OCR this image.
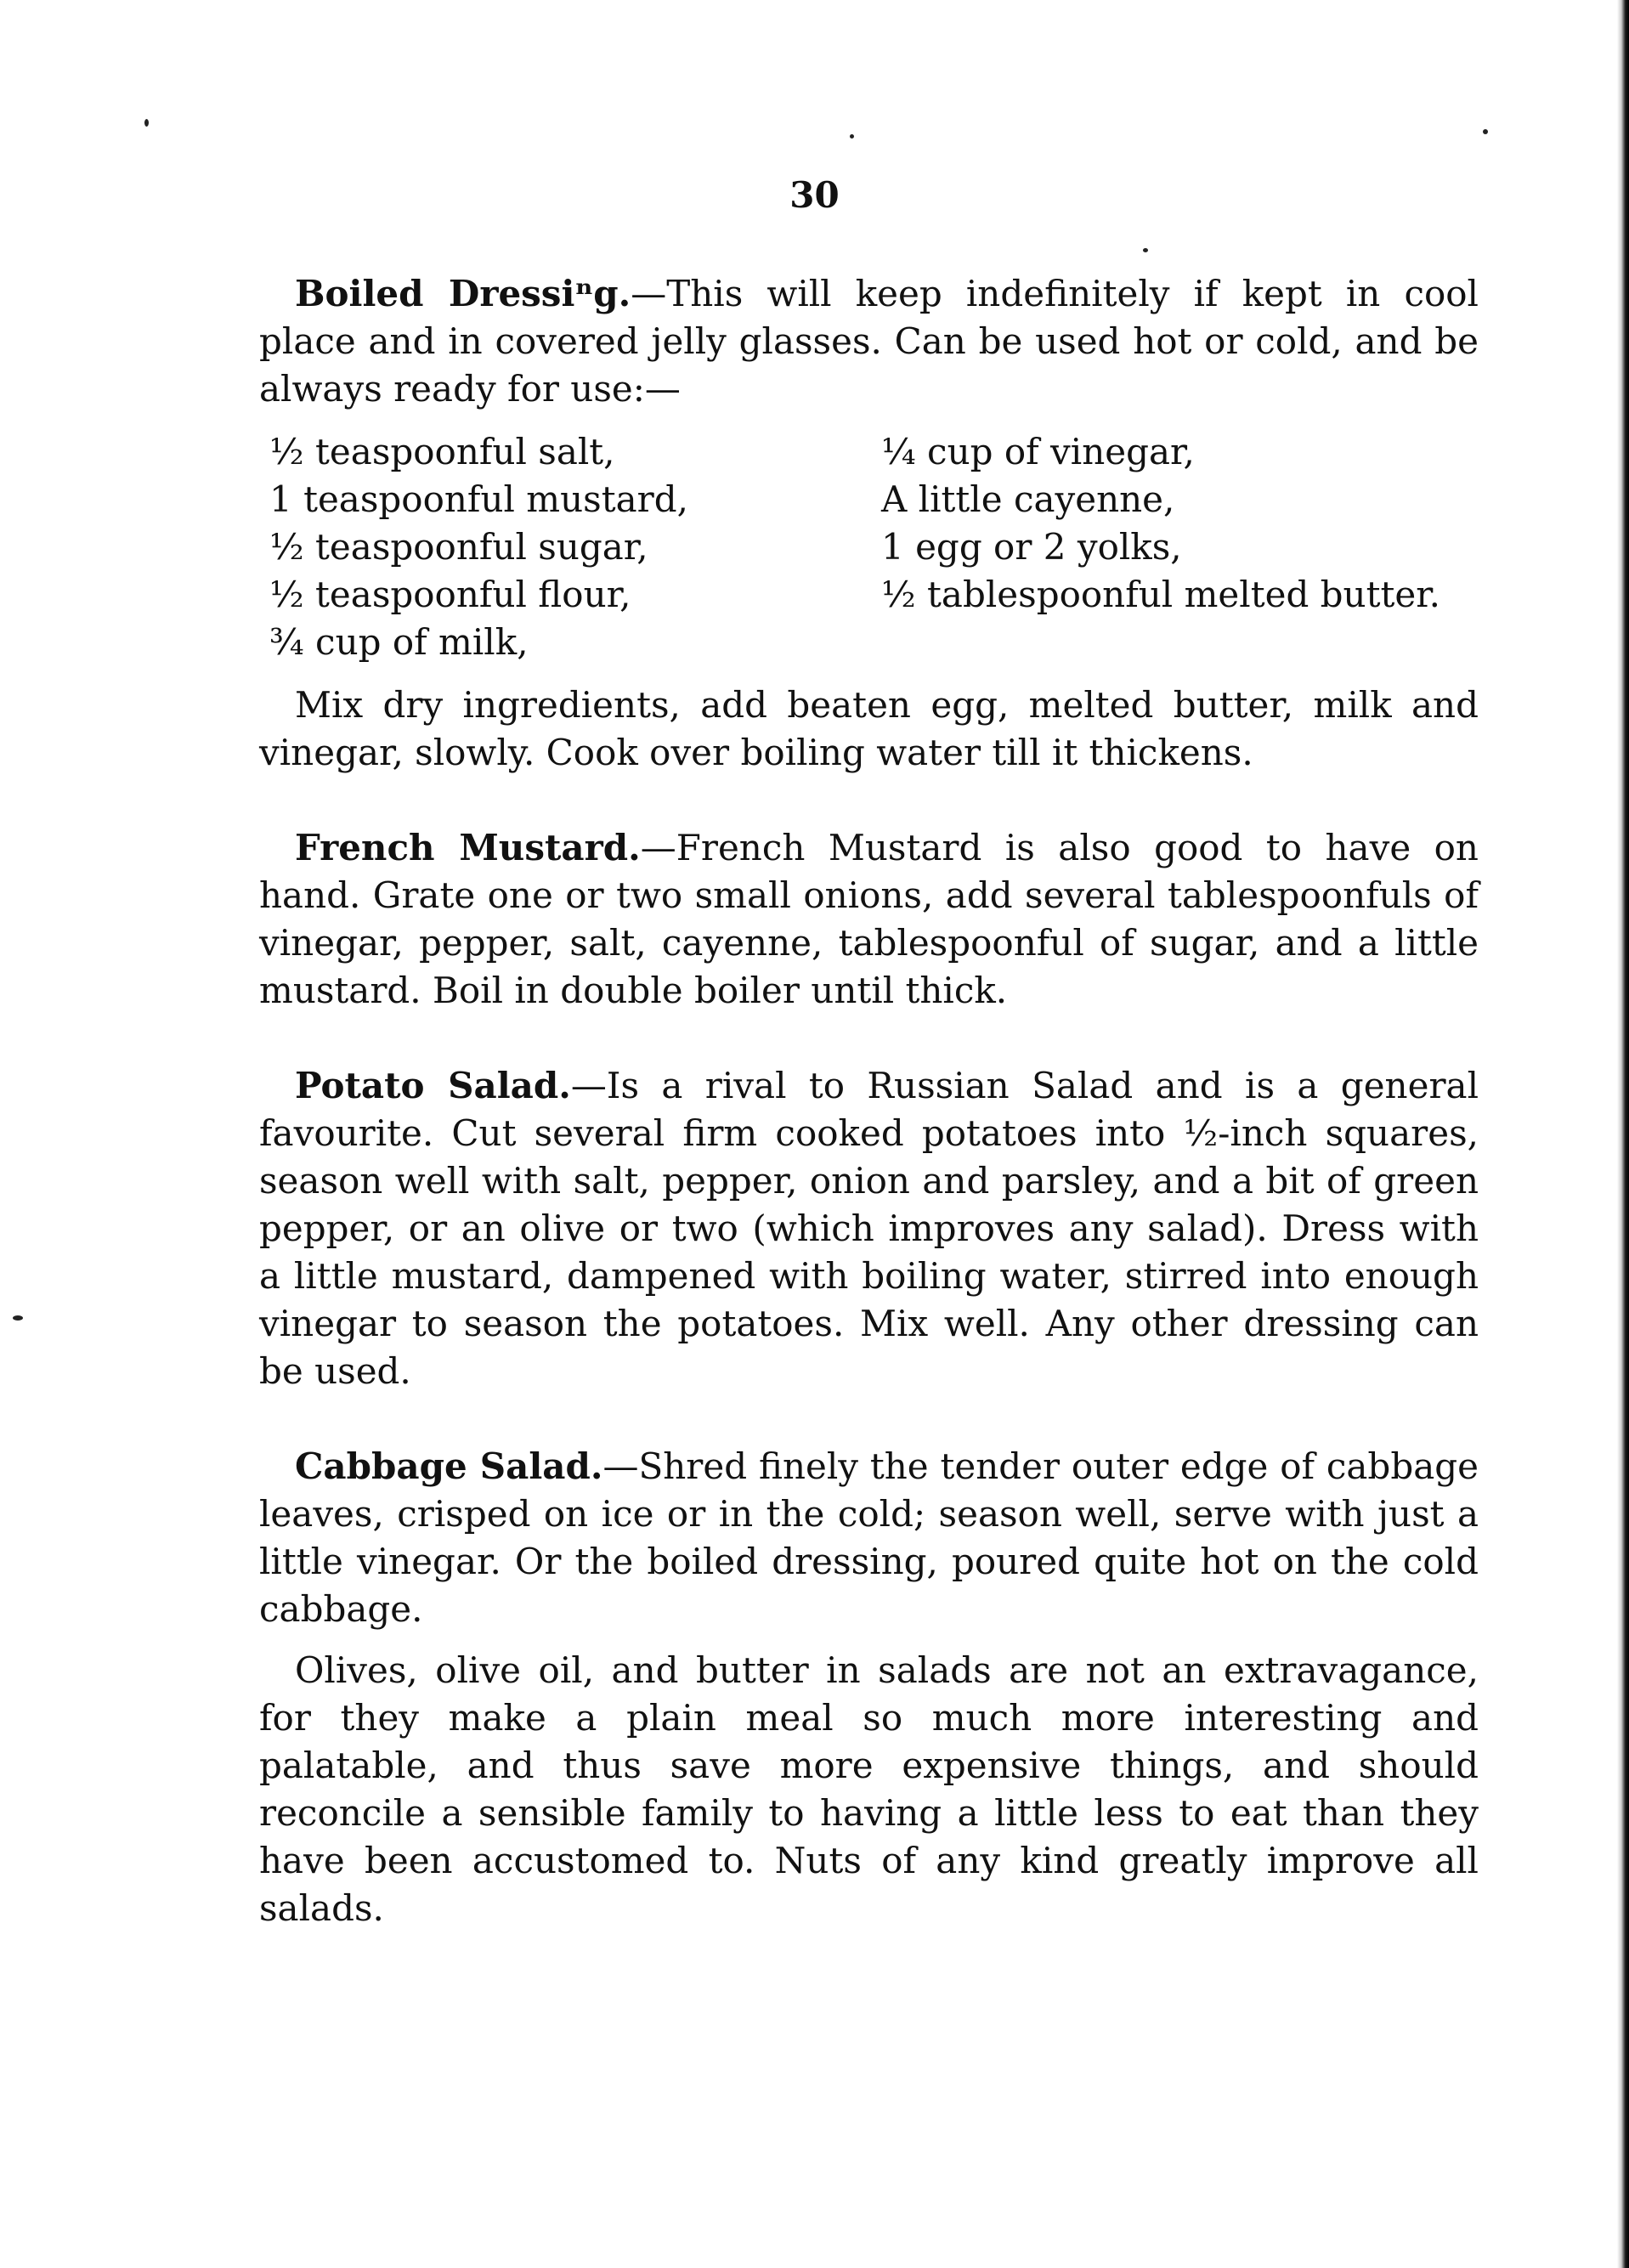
30

Boiled Dressiⁿg.—This will keep indefinitely if kept in cool place and in covered jelly glasses. Can be used hot or cold, and be always ready for use:—

½ teaspoonful salt,
1 teaspoonful mustard,
½ teaspoonful sugar,
½ teaspoonful flour,
¾ cup of milk,
¼ cup of vinegar,
A little cayenne,
1 egg or 2 yolks,
½ tablespoonful melted butter.

Mix dry ingredients, add beaten egg, melted butter, milk and vinegar, slowly. Cook over boiling water till it thickens.

French Mustard.—French Mustard is also good to have on hand. Grate one or two small onions, add several tablespoonfuls of vinegar, pepper, salt, cayenne, tablespoonful of sugar, and a little mustard. Boil in double boiler until thick.

Potato Salad.—Is a rival to Russian Salad and is a general favourite. Cut several firm cooked potatoes into ½-inch squares, season well with salt, pepper, onion and parsley, and a bit of green pepper, or an olive or two (which improves any salad). Dress with a little mustard, dampened with boiling water, stirred into enough vinegar to season the potatoes. Mix well. Any other dressing can be used.

Cabbage Salad.—Shred finely the tender outer edge of cabbage leaves, crisped on ice or in the cold; season well, serve with just a little vinegar. Or the boiled dressing, poured quite hot on the cold cabbage.

Olives, olive oil, and butter in salads are not an extravagance, for they make a plain meal so much more interesting and palatable, and thus save more expensive things, and should reconcile a sensible family to having a little less to eat than they have been accustomed to. Nuts of any kind greatly improve all salads.
